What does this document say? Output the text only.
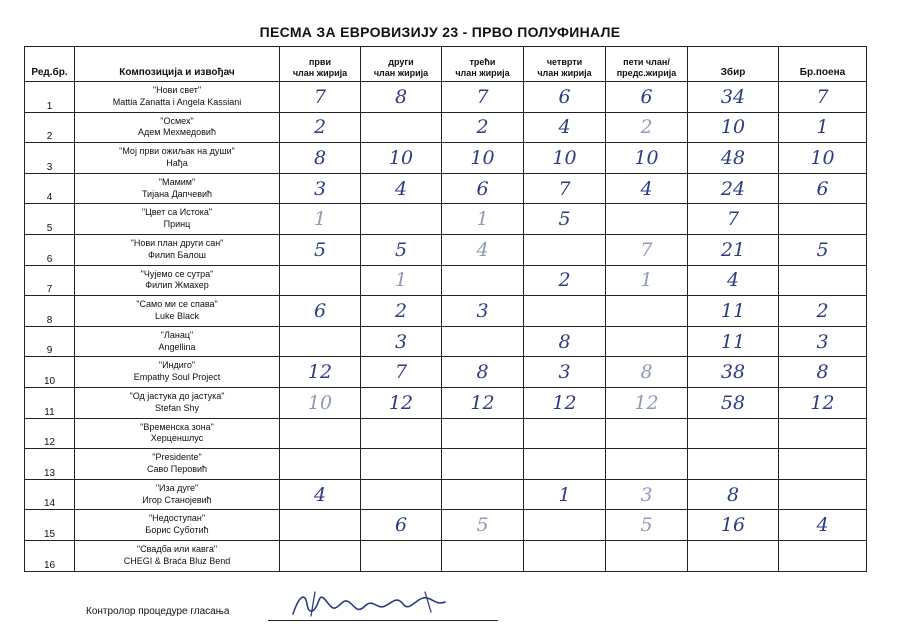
ПЕСМА ЗА ЕВРОВИЗИЈУ 23 - ПРВО ПОЛУФИНАЛЕ
Ред.бр.	Композиција и извођач	први
члан жирија	други
члан жирија	трећи
члан жирија	четврти
члан жирија	пети члан/
предс.жирија	Збир	Бр.поена
1	"Нови свет"
Mattia Zanatta i Angela Kassiani	7	8	7	6	6	34	7
2	"Осмех"
Адем Мехмедовић	2		2	4	2	10	1
3	"Мој први ожиљак на души"
Нађа	8	10	10	10	10	48	10
4	"Мамим"
Тијана Дапчевић	3	4	6	7	4	24	6
5	"Цвет са Истока"
Принц	1		1	5		7	
6	"Нови план други сан"
Филип Балош	5	5	4		7	21	5
7	"Чујемо се сутра"
Филип Жмахер		1		2	1	4	
8	"Само ми се спава"
Luke Black	6	2	3			11	2
9	"Ланац"
Angellina		3		8		11	3
10	"Индиго"
Empathy Soul Project	12	7	8	3	8	38	8
11	"Од јастука до јастука"
Stefan Shy	10	12	12	12	12	58	12
12	"Временска зона"
Херценшлус							

13	"Presidente"
Саво Перовић							

14	"Иза дуге"
Игор Станојевић	4			1	3	8	
15	"Недоступан"
Борис Суботић		6	5		5	16	4
16	"Свадба или кавга"
CHEGI & Braća Bluz Bend							

Контролор процедуре гласања
